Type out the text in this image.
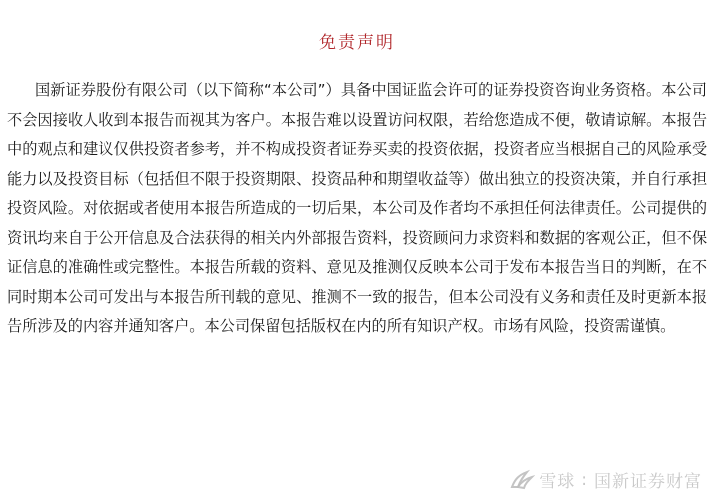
免责声明

国新证券股份有限公司（以下简称“本公司”）具备中国证监会许可的证券投资咨询业务资格。本公司不会因接收人收到本报告而视其为客户。本报告难以设置访问权限，若给您造成不便，敬请谅解。本报告中的观点和建议仅供投资者参考，并不构成投资者证券买卖的投资依据，投资者应当根据自己的风险承受能力以及投资目标（包括但不限于投资期限、投资品种和期望收益等）做出独立的投资决策，并自行承担投资风险。对依据或者使用本报告所造成的一切后果，本公司及作者均不承担任何法律责任。公司提供的资讯均来自于公开信息及合法获得的相关内外部报告资料，投资顾问力求资料和数据的客观公正，但不保证信息的准确性或完整性。本报告所载的资料、意见及推测仅反映本公司于发布本报告当日的判断，在不同时期本公司可发出与本报告所刊载的意见、推测不一致的报告，但本公司没有义务和责任及时更新本报告所涉及的内容并通知客户。本公司保留包括版权在内的所有知识产权。市场有风险，投资需谨慎。

雪球 : 国新证券财富
